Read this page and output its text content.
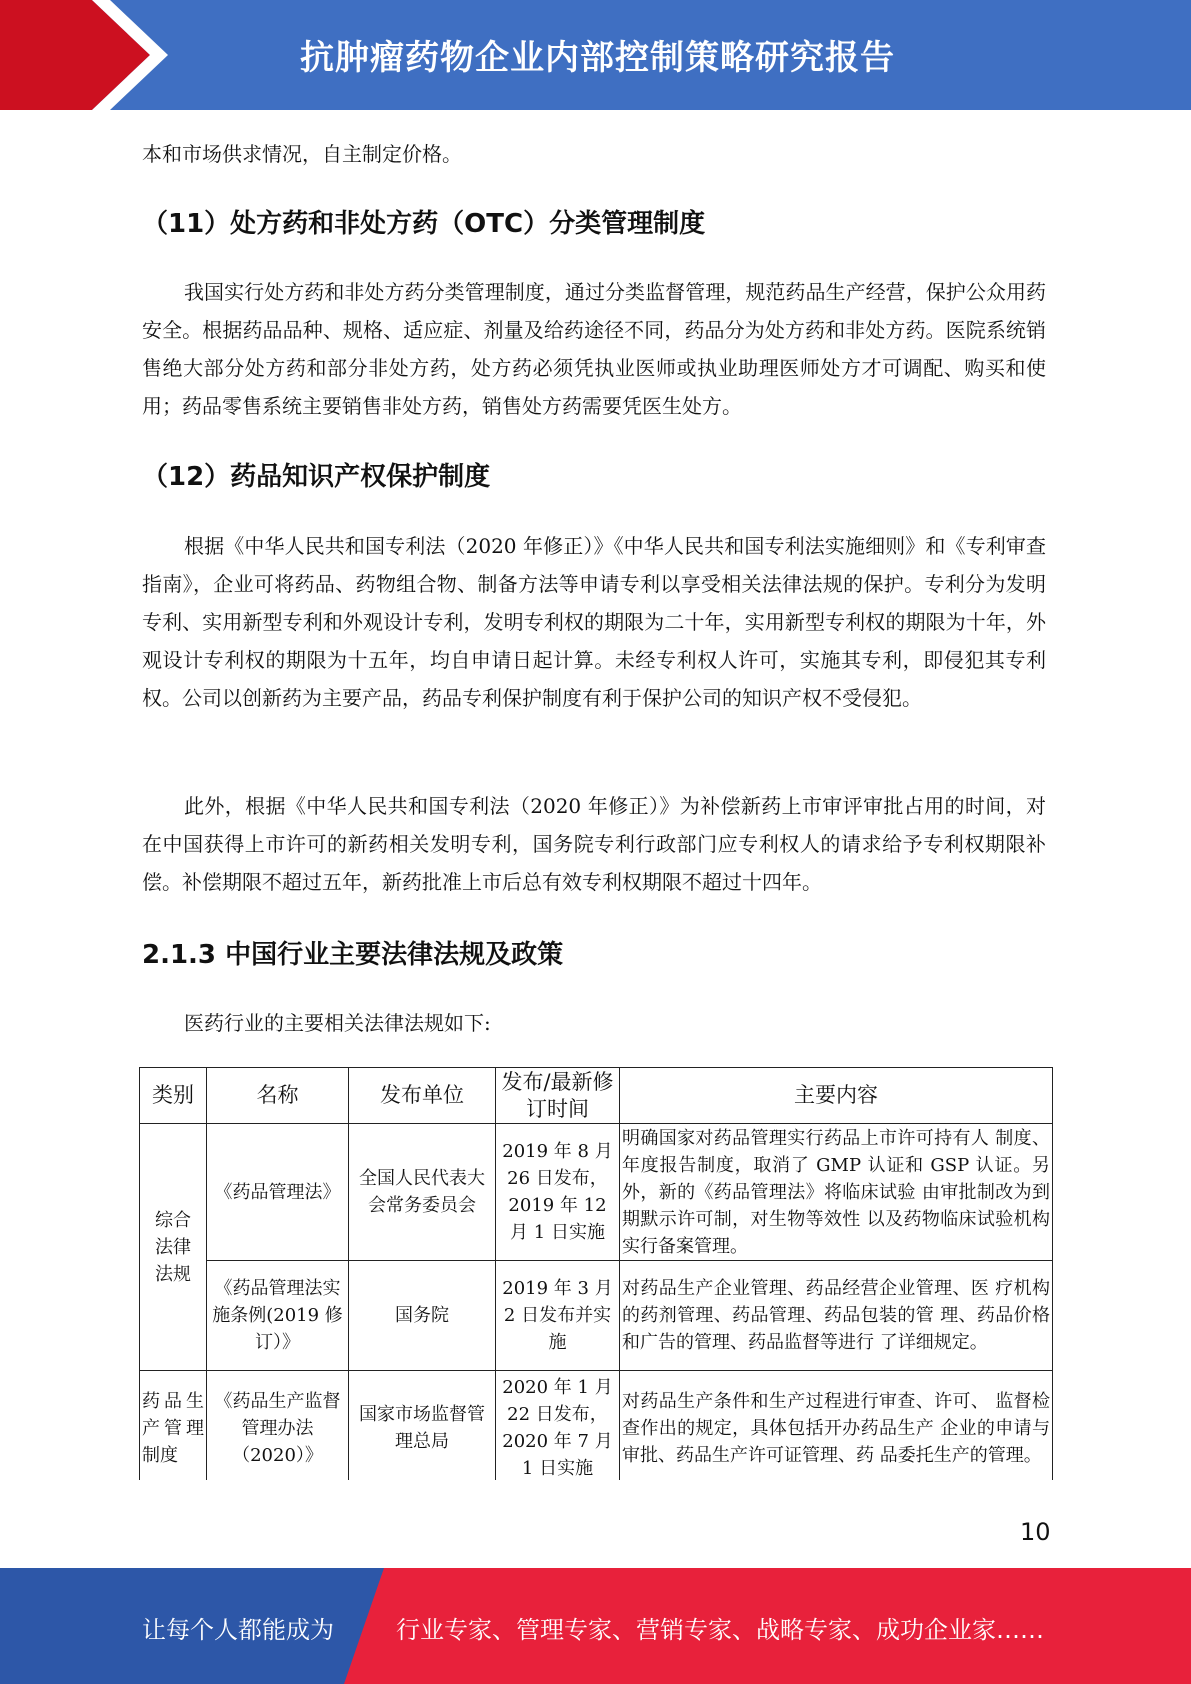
抗肿瘤药物企业内部控制策略研究报告

本和市场供求情况，自主制定价格。

（11）处方药和非处方药（OTC）分类管理制度

我国实行处方药和非处方药分类管理制度，通过分类监督管理，规范药品生产经营，保护公众用药安全。根据药品品种、规格、适应症、剂量及给药途径不同，药品分为处方药和非处方药。医院系统销售绝大部分处方药和部分非处方药，处方药必须凭执业医师或执业助理医师处方才可调配、购买和使用；药品零售系统主要销售非处方药，销售处方药需要凭医生处方。

（12）药品知识产权保护制度

根据《中华人民共和国专利法（2020 年修正）》《中华人民共和国专利法实施细则》和《专利审查指南》，企业可将药品、药物组合物、制备方法等申请专利以享受相关法律法规的保护。专利分为发明专利、实用新型专利和外观设计专利，发明专利权的期限为二十年，实用新型专利权的期限为十年，外观设计专利权的期限为十五年，均自申请日起计算。未经专利权人许可，实施其专利，即侵犯其专利权。公司以创新药为主要产品，药品专利保护制度有利于保护公司的知识产权不受侵犯。

此外，根据《中华人民共和国专利法（2020 年修正）》为补偿新药上市审评审批占用的时间，对在中国获得上市许可的新药相关发明专利，国务院专利行政部门应专利权人的请求给予专利权期限补偿。补偿期限不超过五年，新药批准上市后总有效专利权期限不超过十四年。

2.1.3 中国行业主要法律法规及政策

医药行业的主要相关法律法规如下:

类别	名称	发布单位	发布/最新修订时间	主要内容
综合法律法规	《药品管理法》	全国人民代表大会常务委员会	2019 年 8 月 26 日发布，2019 年 12 月 1 日实施	明确国家对药品管理实行药品上市许可持有人 制度、年度报告制度，取消了 GMP 认证和 GSP 认证。另外，新的《药品管理法》将临床试验 由审批制改为到期默示许可制，对生物等效性 以及药物临床试验机构实行备案管理。
	《药品管理法实施条例(2019 修订）》	国务院	2019 年 3 月 2 日发布并实施	对药品生产企业管理、药品经营企业管理、医 疗机构的药剂管理、药品管理、药品包装的管 理、药品价格和广告的管理、药品监督等进行 了详细规定。
药品生产管理制度	《药品生产监督管理办法（2020）》	国家市场监督管理总局	2020 年 1 月 22 日发布，2020 年 7 月 1 日实施	对药品生产条件和生产过程进行审查、许可、 监督检查作出的规定，具体包括开办药品生产 企业的申请与审批、药品生产许可证管理、药 品委托生产的管理。
10
让每个人都能成为	行业专家、管理专家、营销专家、战略专家、成功企业家……
